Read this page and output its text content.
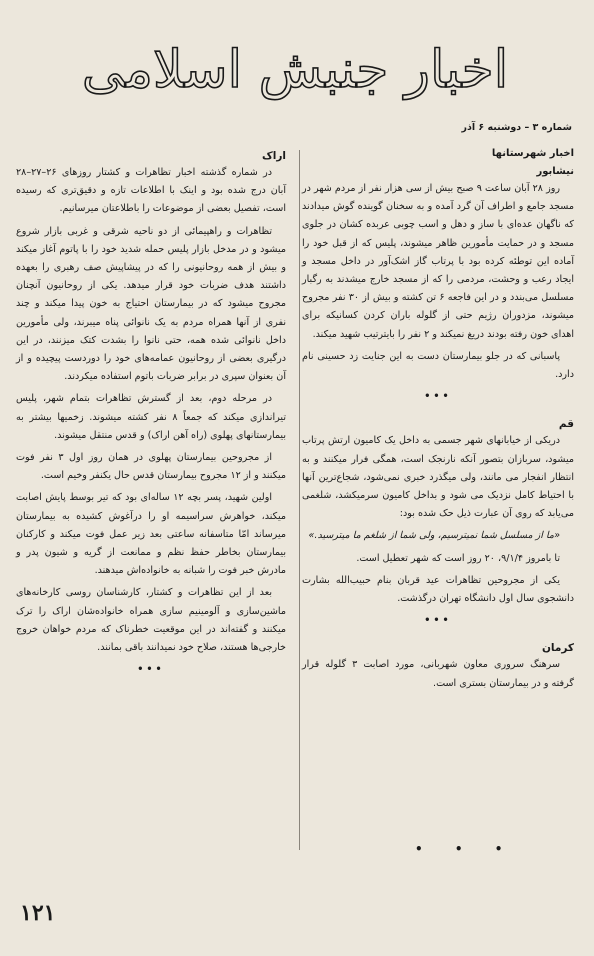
اخبار جنبش اسلامی
شماره ۳ – دوشنبه ۶ آذر
اخبار شهرستانها
نیشابور

روز ۲۸ آبان ساعت ۹ صبح بیش از سی هزار نفر از مردم شهر در مسجد جامع و اطراف آن گرد آمده و به سخنان گوینده گوش میدادند که ناگهان عده‌ای با ساز و دهل و اسب چوبی عربده کشان در جلوی مسجد و در حمایت مأمورین ظاهر میشوند، پلیس که از قبل خود را آماده این توطئه کرده بود با پرتاب گاز اشک‌آور در داخل مسجد و ایجاد رعب و وحشت، مردمی را که از مسجد خارج میشدند به رگبار مسلسل می‌بندد و در این فاجعه ۶ تن کشته و بیش از ۳۰ نفر مجروح میشوند، مزدوران رژیم حتی از گلوله باران کردن کسانیکه برای اهدای خون رفته بودند دریغ نمیکند و ۲ نفر را بایترتیب شهید میکند.

پاسبانی که در جلو بیمارستان دست به این جنایت زد حسینی نام دارد.

•••
قم

دریکی از خیابانهای شهر جسمی به داخل یک کامیون ارتش پرتاب میشود، سربازان بتصور آنکه نارنجک است، همگی فرار میکنند و به انتظار انفجار می مانند، ولی میگذرد خبری نمی‌شود، شجاع‌ترین آنها با احتیاط کامل نزدیک می شود و بداخل کامیون سرمیکشد، شلغمی می‌یابد که روی آن عبارت ذیل حک شده بود:

«ما از مسلسل شما نمیترسیم، ولی شما از شلغم ما میترسید.»

تا بامروز ۹/۱/۴، ۲۰ روز است که شهر تعطیل است.

یکی از مجروحین تظاهرات عید قربان بنام حبیب‌الله بشارت دانشجوی سال اول دانشگاه تهران درگذشت.

•••
کرمان

سرهنگ سروری معاون شهربانی، مورد اصابت ۳ گلوله قرار گرفته و در بیمارستان بستری است.

• • •
اراک

در شماره گذشته اخبار تظاهرات و کشتار روزهای ۲۶–۲۷–۲۸ آبان درج شده بود و اینک با اطلاعات تازه و دقیق‌تری که رسیده است، تفصیل بعضی از موضوعات را باطلاعتان میرسانیم.

تظاهرات و راهپیمائی از دو ناحیه شرقی و غربی بازار شروع میشود و در مدخل بازار پلیس حمله شدید خود را با پاتوم آغاز میکند و بیش از همه روحانیونی را که در پیشاپیش صف رهبری را بعهده داشتند هدف ضربات خود قرار میدهد. یکی از روحانیون آنچنان مجروح میشود که در بیمارستان احتیاج به خون پیدا میکند و چند نفری از آنها همراه مردم به یک نانوائی پناه میبرند، ولی مأمورین داخل نانوائی شده همه، حتی نانوا را بشدت کتک میزنند، در این درگیری بعضی از روحانیون عمامه‌های خود را دوردست پیچیده و از آن بعنوان سپری در برابر ضربات باتوم استفاده میکردند.

در مرحله دوم، بعد از گسترش تظاهرات بتمام شهر، پلیس تیراندازی میکند که جمعاً ۸ نفر کشته میشوند. زخمیها بیشتر به بیمارستانهای پهلوی (راه آهن اراک) و قدس منتقل میشوند.

از مجروحین بیمارستان پهلوی در همان روز اول ۳ نفر فوت میکنند و از ۱۲ مجروح بیمارستان قدس حال یکنفر وخیم است.

اولین شهید، پسر بچه ۱۲ ساله‌ای بود که تیر بوسط پایش اصابت میکند، خواهرش سراسیمه او را درآغوش کشیده به بیمارستان میرساند امّا متاسفانه ساعتی بعد زیر عمل فوت میکند و کارکنان بیمارستان بخاطر حفظ نظم و ممانعت از گریه و شیون پدر و مادرش خبر فوت را شبانه به خانواده‌اش میدهند.

بعد از این تظاهرات و کشتار، کارشناسان روسی کارخانه‌های ماشین‌سازی و آلومینیم سازی همراه خانواده‌شان اراک را ترک میکنند و گفته‌اند در این موقعیت خطرناک که مردم خواهان خروج خارجی‌ها هستند، صلاح خود نمیدانند باقی بمانند.

•••
۱۲۱
